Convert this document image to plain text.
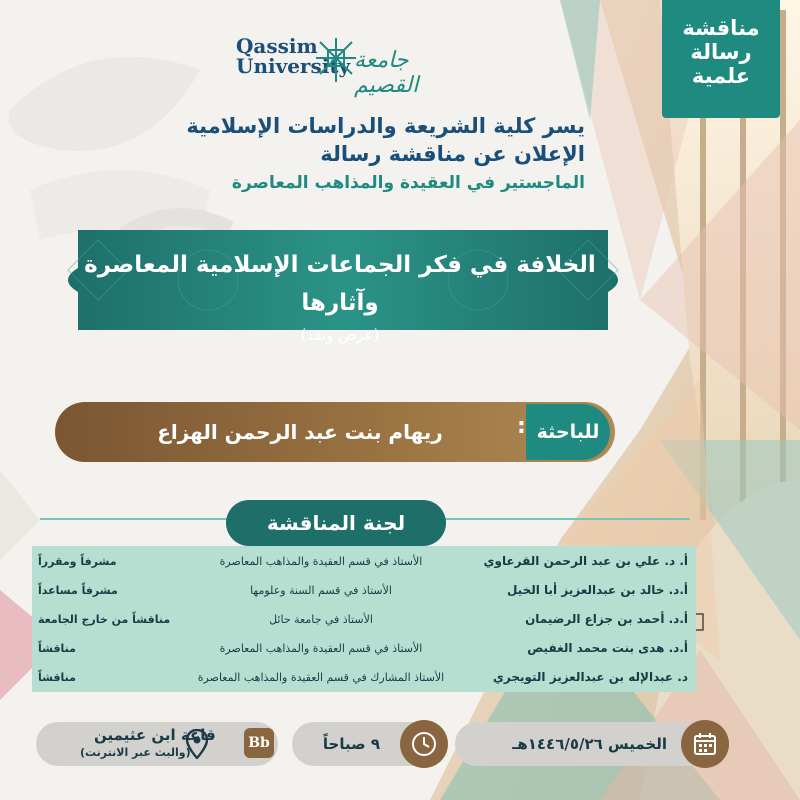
مناقشة
رسالة
علمية
Qassim
University جامعة القصيم
يسر كلية الشريعة والدراسات الإسلامية
الإعلان عن مناقشة رسالة
الماجستير في العقيدة والمذاهب المعاصرة
الخلافة في فكر الجماعات الإسلامية المعاصرة وآثارها
(عرض ونقد)
للباحثة
:
ريهام بنت عبد الرحمن الهزاع
لجنة المناقشة
أ. د. علي بن عبد الرحمن القرعاوي
الأستاذ في قسم العقيدة والمذاهب المعاصرة
مشرفاً ومقرراً
أ.د. خالد بن عبدالعزيز أبا الخيل
الأستاذ في قسم السنة وعلومها
مشرفاً مساعداً
أ.د. أحمد بن جزاع الرضيمان
الأستاذ في جامعة حائل
مناقشاً من خارج الجامعة
أ.د. هدى بنت محمد الغفيص
الأستاذ في قسم العقيدة والمذاهب المعاصرة
مناقشاً
د. عبدالإله بن عبدالعزيز التويجري
الأستاذ المشارك في قسم العقيدة والمذاهب المعاصرة
مناقشاً
الخميس ١٤٤٦/٥/٢٦هـ
٩ صباحاً
Bb
قاعة ابن عثيمين
(والبث عبر الانترنت)
